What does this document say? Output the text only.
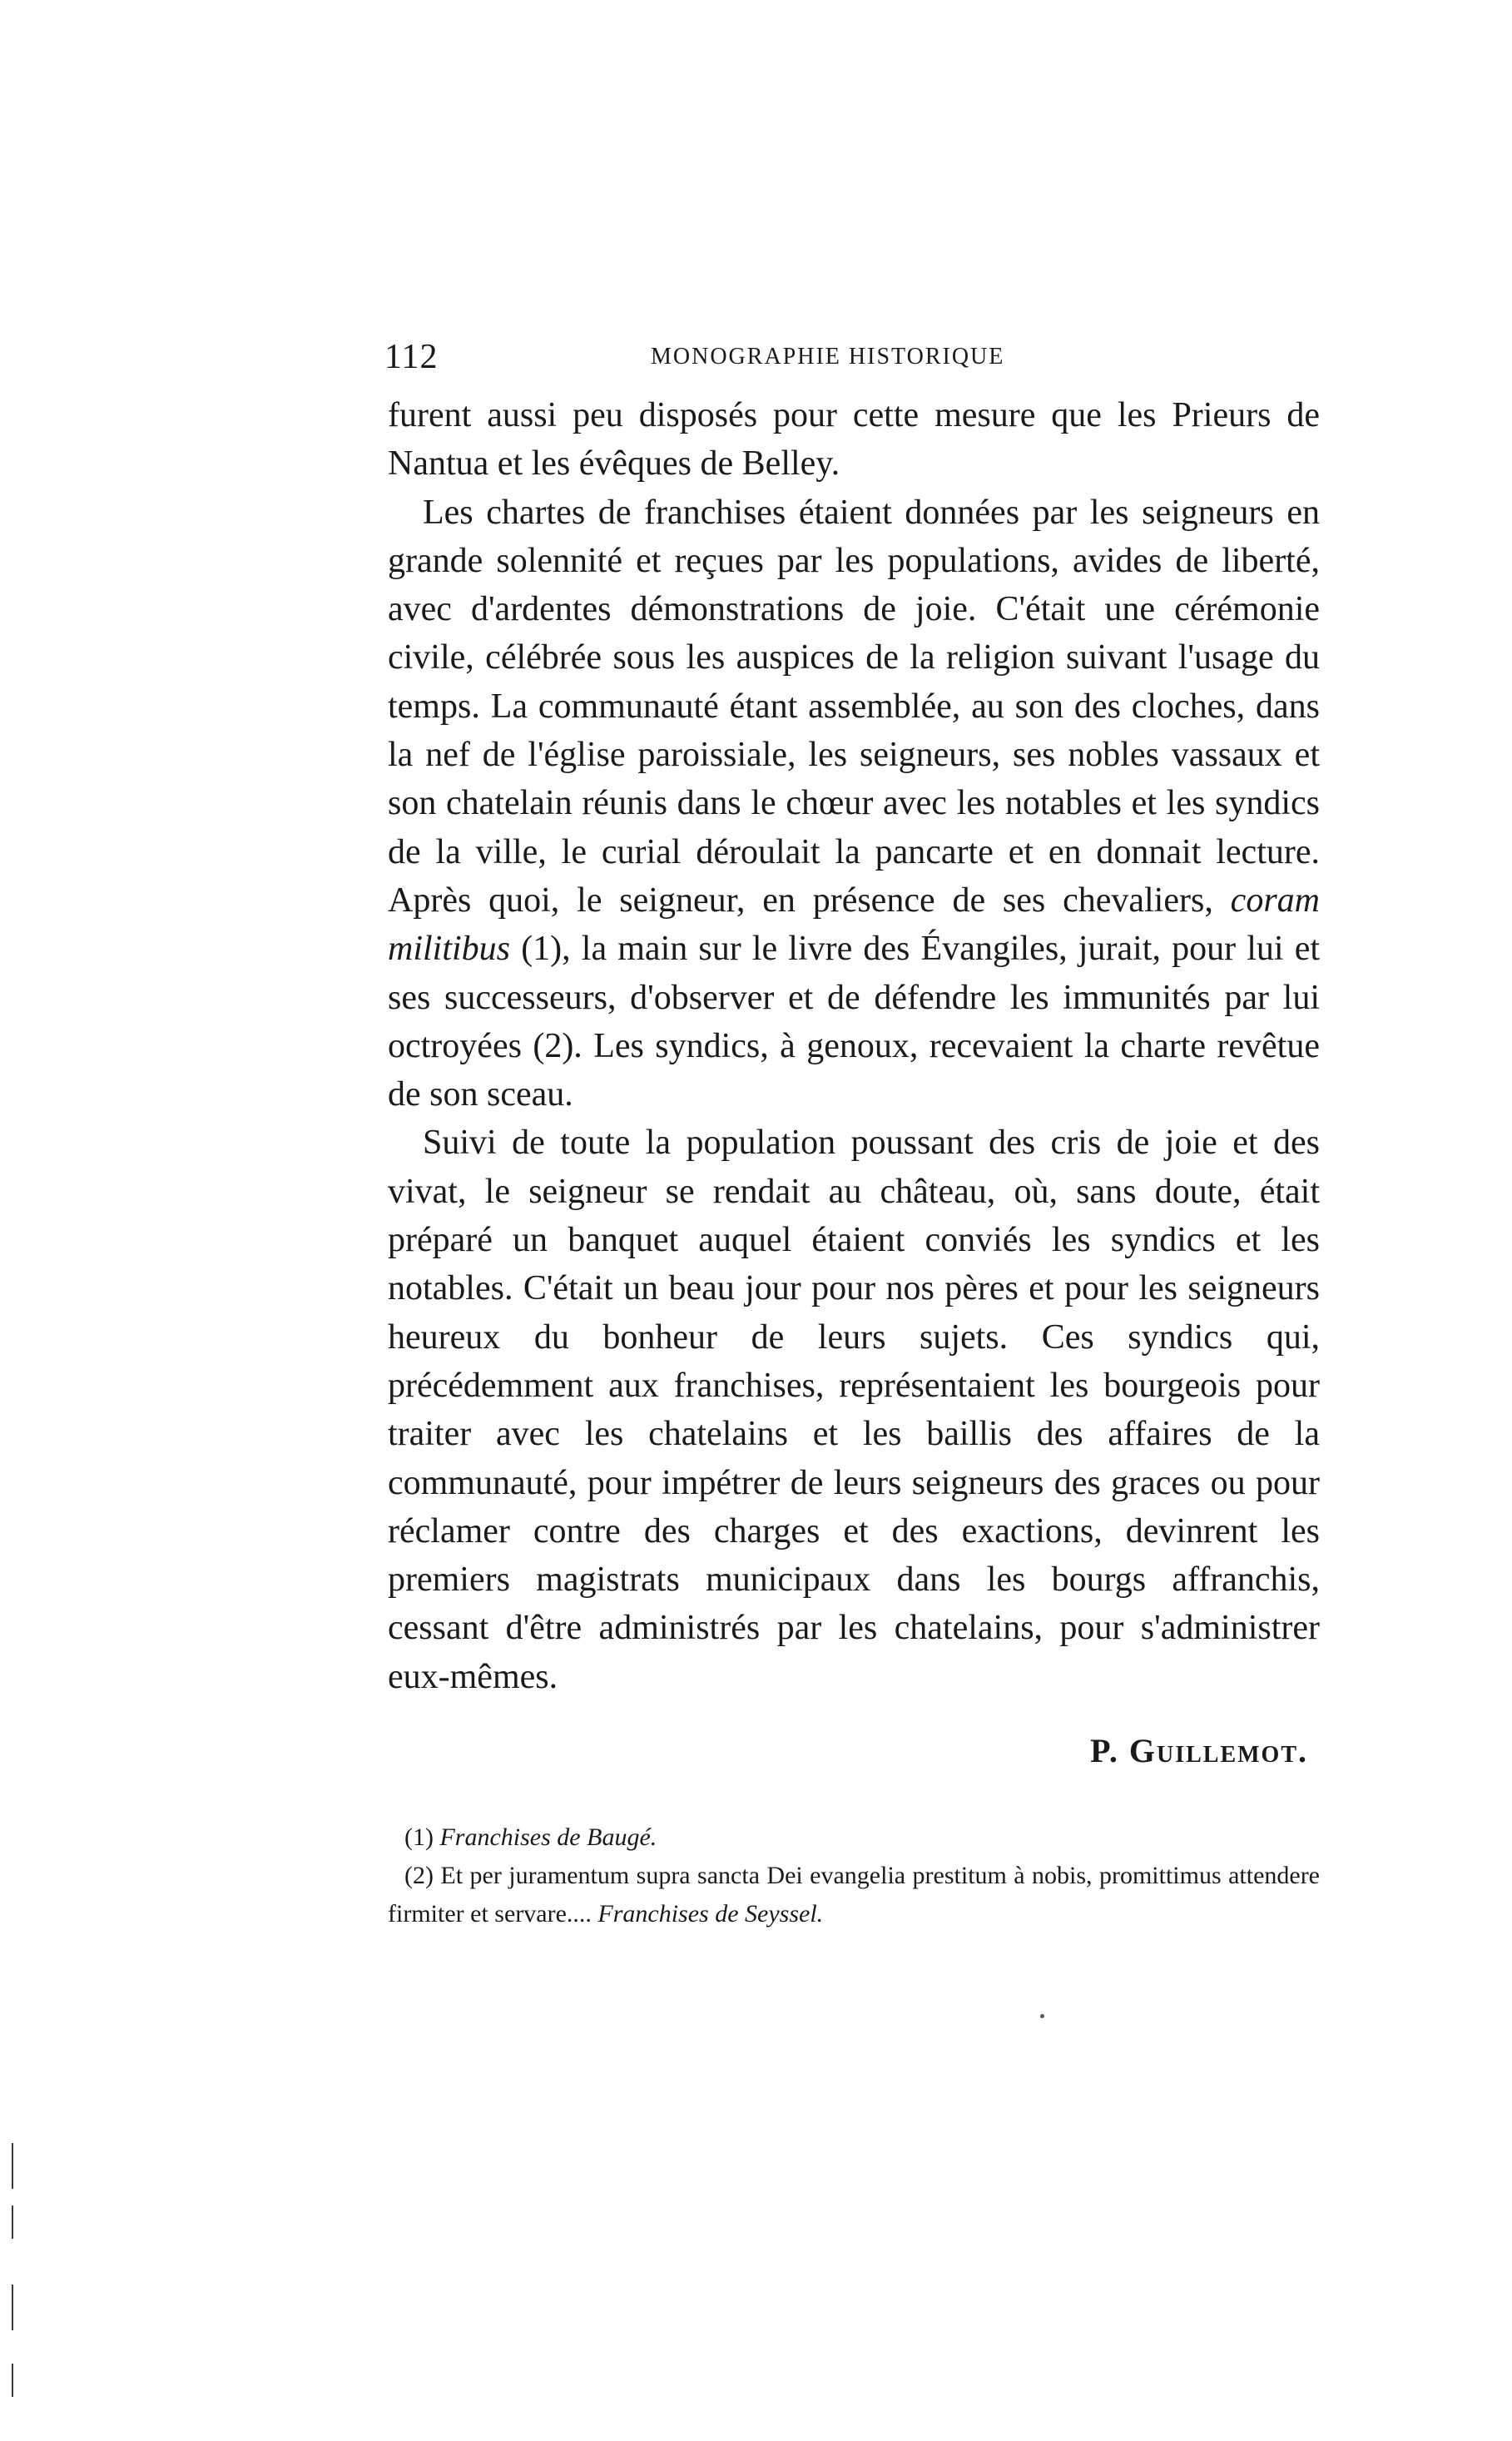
112	MONOGRAPHIE HISTORIQUE

furent aussi peu disposés pour cette mesure que les Prieurs de Nantua et les évêques de Belley.

Les chartes de franchises étaient données par les seigneurs en grande solennité et reçues par les populations, avides de liberté, avec d'ardentes démonstrations de joie. C'était une cérémonie civile, célébrée sous les auspices de la religion suivant l'usage du temps. La communauté étant assemblée, au son des cloches, dans la nef de l'église paroissiale, les seigneurs, ses nobles vassaux et son chatelain réunis dans le chœur avec les notables et les syndics de la ville, le curial déroulait la pancarte et en donnait lecture. Après quoi, le seigneur, en présence de ses chevaliers, coram militibus (1), la main sur le livre des Évangiles, jurait, pour lui et ses successeurs, d'observer et de défendre les immunités par lui octroyées (2). Les syndics, à genoux, recevaient la charte revêtue de son sceau.

Suivi de toute la population poussant des cris de joie et des vivat, le seigneur se rendait au château, où, sans doute, était préparé un banquet auquel étaient conviés les syndics et les notables. C'était un beau jour pour nos pères et pour les seigneurs heureux du bonheur de leurs sujets. Ces syndics qui, précédemment aux franchises, représentaient les bourgeois pour traiter avec les chatelains et les baillis des affaires de la communauté, pour impétrer de leurs seigneurs des graces ou pour réclamer contre des charges et des exactions, devinrent les premiers magistrats municipaux dans les bourgs affranchis, cessant d'être administrés par les chatelains, pour s'administrer eux-mêmes.

P. Guillemot.

(1) Franchises de Baugé.

(2) Et per juramentum supra sancta Dei evangelia prestitum à nobis, promittimus attendere firmiter et servare.... Franchises de Seyssel.
